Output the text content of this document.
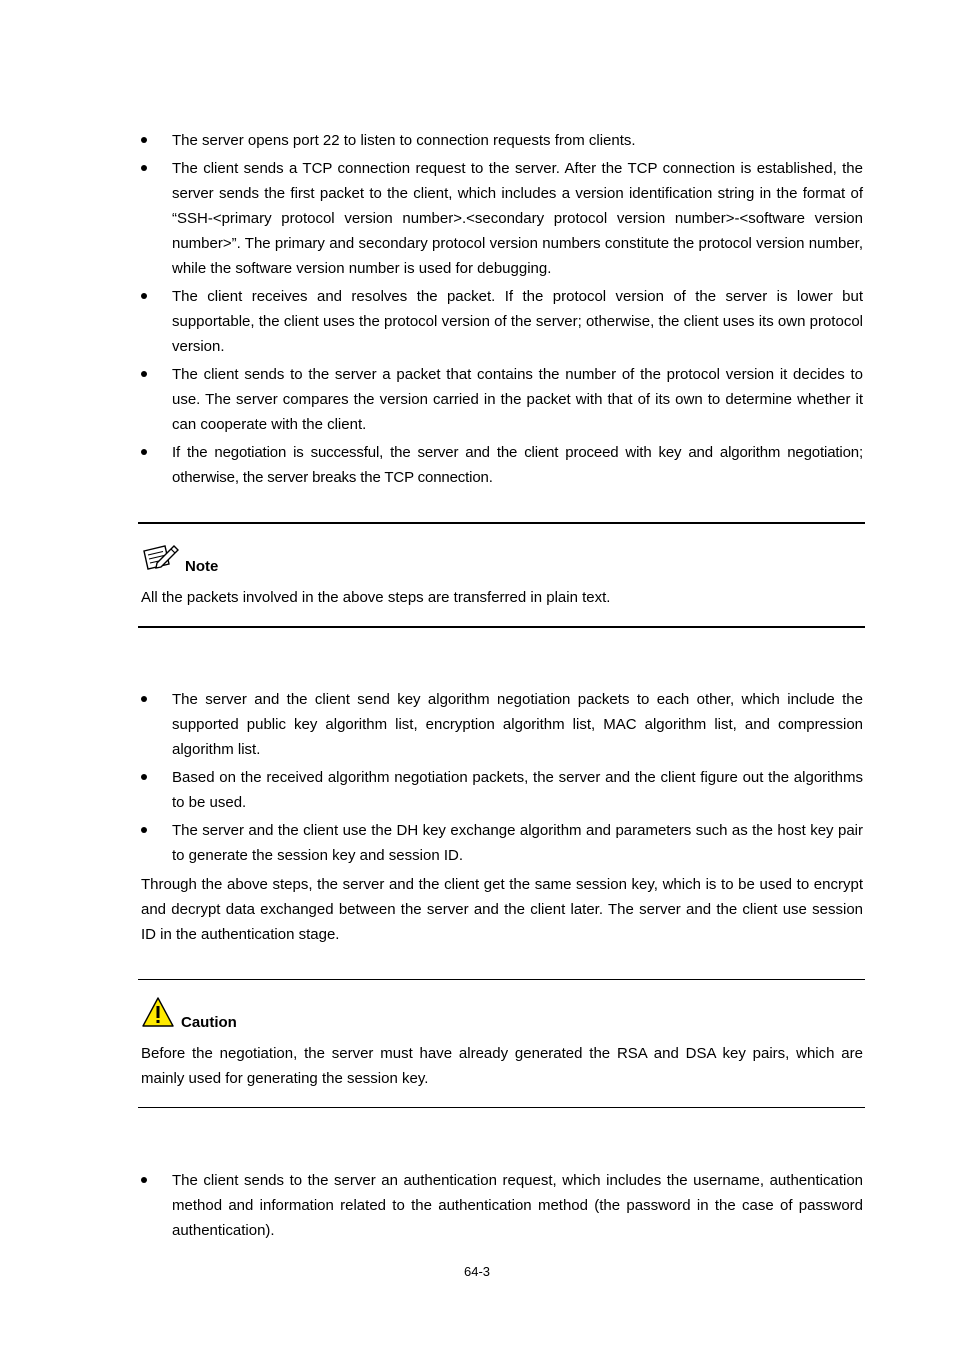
The server opens port 22 to listen to connection requests from clients.
The client sends a TCP connection request to the server. After the TCP connection is established, the server sends the first packet to the client, which includes a version identification string in the format of “SSH-<primary protocol version number>.<secondary protocol version number>-<software version number>”. The primary and secondary protocol version numbers constitute the protocol version number, while the software version number is used for debugging.
The client receives and resolves the packet. If the protocol version of the server is lower but supportable, the client uses the protocol version of the server; otherwise, the client uses its own protocol version.
The client sends to the server a packet that contains the number of the protocol version it decides to use. The server compares the version carried in the packet with that of its own to determine whether it can cooperate with the client.
If the negotiation is successful, the server and the client proceed with key and algorithm negotiation; otherwise, the server breaks the TCP connection.
Note

All the packets involved in the above steps are transferred in plain text.

The server and the client send key algorithm negotiation packets to each other, which include the supported public key algorithm list, encryption algorithm list, MAC algorithm list, and compression algorithm list.
Based on the received algorithm negotiation packets, the server and the client figure out the algorithms to be used.
The server and the client use the DH key exchange algorithm and parameters such as the host key pair to generate the session key and session ID.

Through the above steps, the server and the client get the same session key, which is to be used to encrypt and decrypt data exchanged between the server and the client later. The server and the client use session ID in the authentication stage.

Caution

Before the negotiation, the server must have already generated the RSA and DSA key pairs, which are mainly used for generating the session key.

The client sends to the server an authentication request, which includes the username, authentication method and information related to the authentication method (the password in the case of password authentication).
64-3
